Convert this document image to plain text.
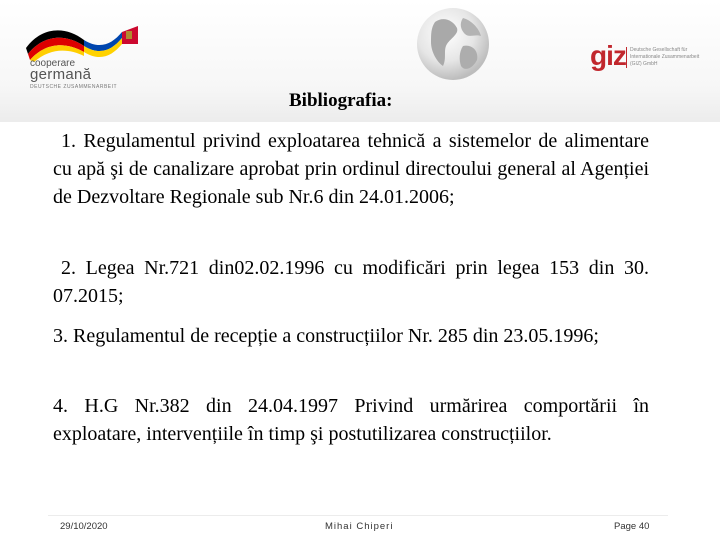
cooperare
germană
DEUTSCHE ZUSAMMENARBEIT
giz Deutsche Gesellschaft für Internationale Zusammenarbeit (GIZ) GmbH
Bibliografia:

1. Regulamentul privind exploatarea tehnică a sistemelor de alimentare cu apă şi de canalizare aprobat prin ordinul directoului general al Agenției de Dezvoltare Regionale sub Nr.6 din 24.01.2006;

2. Legea Nr.721 din02.02.1996 cu modificări prin legea 153 din 30. 07.2015;

3. Regulamentul de recepție a construcțiilor Nr. 285 din 23.05.1996;

4. H.G Nr.382 din 24.04.1997 Privind urmărirea comportării în exploatare, intervențiile în timp şi postutilizarea construcțiilor.

29/10/2020	Mihai Chiperi	Page 40
